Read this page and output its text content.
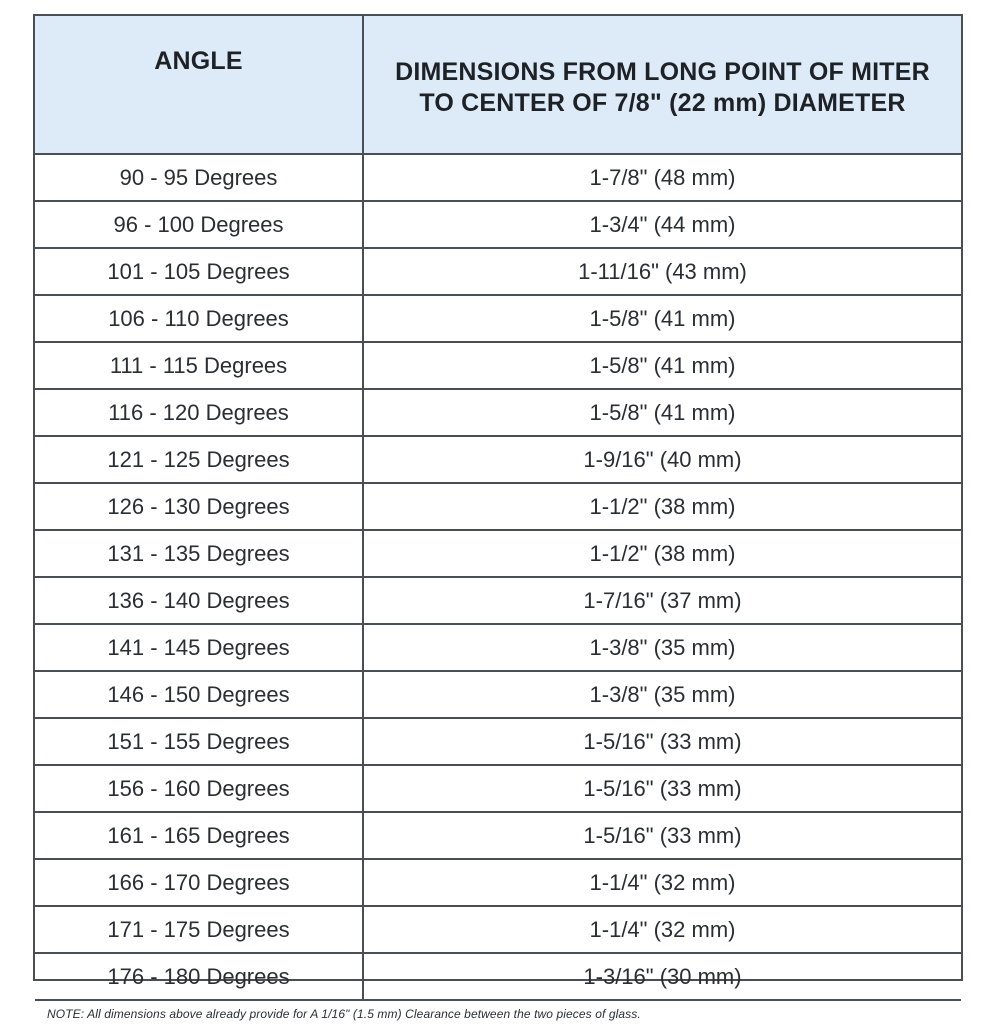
ANGLE	DIMENSIONS FROM LONG POINT OF MITER
TO CENTER OF 7/8" (22 mm) DIAMETER

90 - 95 Degrees	1-7/8" (48 mm)
96 - 100 Degrees	1-3/4" (44 mm)
101 - 105 Degrees	1-11/16" (43 mm)
106 - 110 Degrees	1-5/8" (41 mm)
111 - 115 Degrees	1-5/8" (41 mm)
116 - 120 Degrees	1-5/8" (41 mm)
121 - 125 Degrees	1-9/16" (40 mm)
126 - 130 Degrees	1-1/2" (38 mm)
131 - 135 Degrees	1-1/2" (38 mm)
136 - 140 Degrees	1-7/16" (37 mm)
141 - 145 Degrees	1-3/8" (35 mm)
146 - 150 Degrees	1-3/8" (35 mm)
151 - 155 Degrees	1-5/16" (33 mm)
156 - 160 Degrees	1-5/16" (33 mm)
161 - 165 Degrees	1-5/16" (33 mm)
166 - 170 Degrees	1-1/4" (32 mm)
171 - 175 Degrees	1-1/4" (32 mm)
176 - 180 Degrees	1-3/16" (30 mm)
NOTE: All dimensions above already provide for A 1/16" (1.5 mm) Clearance between the two pieces of glass.	
